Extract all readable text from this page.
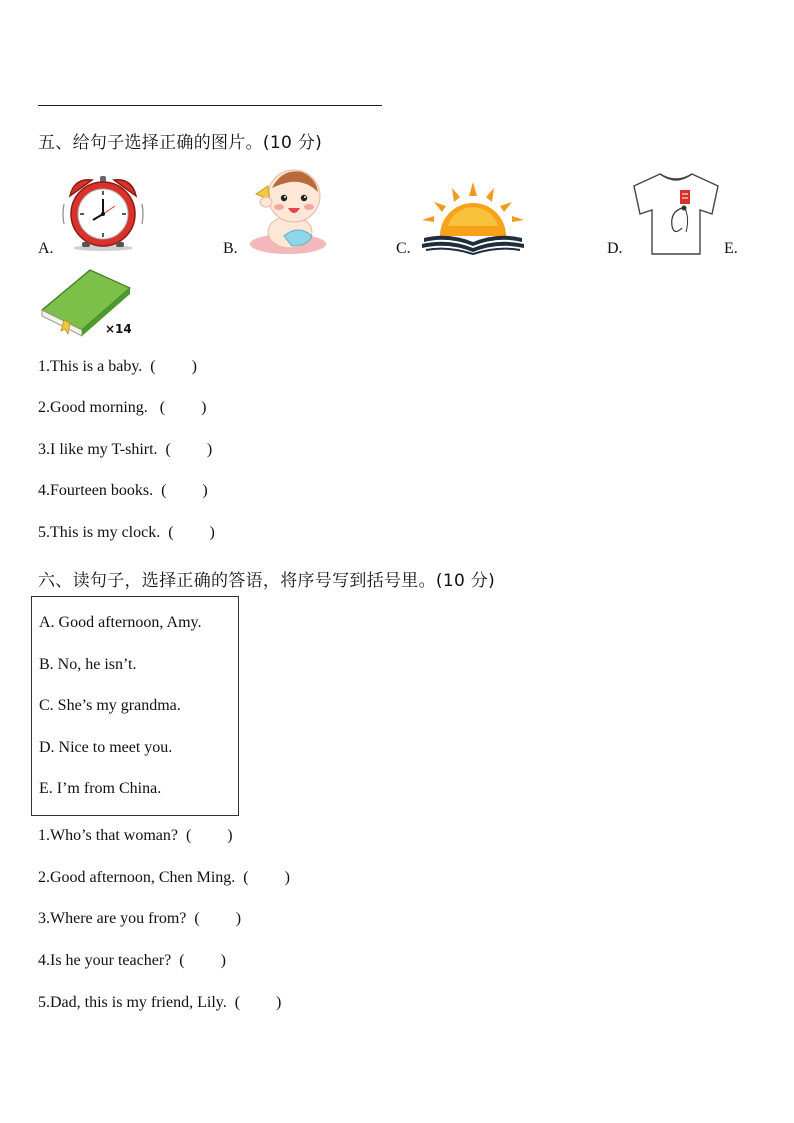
五、给句子选择正确的图片。(10 分)
A.	B.	C.	D.	E.
×14
1.This is a baby.  (         )
2.Good morning.   (         )
3.I like my T-shirt.  (         )
4.Fourteen books.  (         )
5.This is my clock.  (         )
六、读句子，选择正确的答语，将序号写到括号里。(10 分)
A. Good afternoon, Amy.
B. No, he isn’t.
C. She’s my grandma.
D. Nice to meet you.
E. I’m from China.
1.Who’s that woman?  (         )
2.Good afternoon, Chen Ming.  (         )
3.Where are you from?  (         )
4.Is he your teacher?  (         )
5.Dad, this is my friend, Lily.  (         )
